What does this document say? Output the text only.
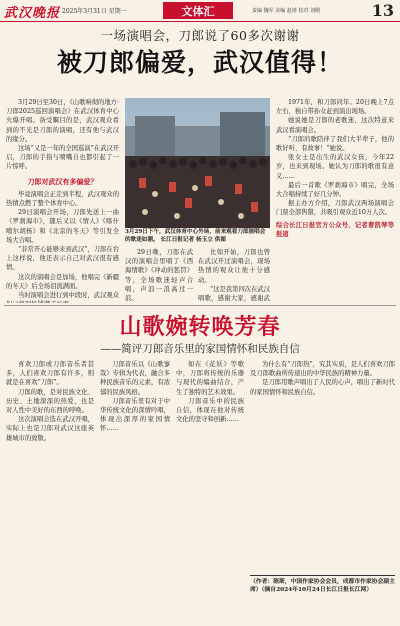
武汉晚报 2025年3月31日 星期一	文体汇	责编 魏军 美编 赵靖 校对 刘刚	13
一场演唱会，刀郎说了60多次谢谢
被刀郎偏爱，武汉值得！

3月29日至30日，《山歌响彻的地方·刀郎2025巡回演唱会》在武汉体育中心火爆开唱。备受瞩目的是，武汉观众看到的不光是刀郎的演唱，还有他与武汉的缘分。

这场“又是一年的全国巡演”在武汉开启，刀郎的手指与喷嘴自也都引起了一片惊呼。

刀郎对武汉有多偏爱？

毕竟演唱会正走到半程，武汉观众的热情点燃了整个体育中心。

29日演唱会开场，刀郎先送上一曲《罗刹海市》，随后又以《情人》《喀什噶尔胡杨》和《北京的冬天》等引发全场大合唱。

“非常开心能够来到武汉”，刀郎在台上这样说，他还表示自己对武汉很有感情。

这次的演唱会是加场，他唱完《新疆的冬天》后全场泪流满面。

当时演唱会进行到中段时，武汉观众

3月29日下午，武汉体育中心外场，前来观看刀郎演唱会的歌迷如潮。 长江日报记者 杨玉立 供图

29日晚，刀郎在武汉的演唱会里唱了《西海情歌》《冲动的惩罚》等，全场歌迷轻声合唱，声浪一浪高过一浪。

比如开始，刀郎也曾在武汉开过演唱会，现场热情的观众让他十分感动。

“这是我第四次在武汉唱歌，感谢大家，感谢武

1971年，和刀郎同年。20日晚上7点左右，独自带孙女赶到演出现场。

她说她是刀郎的老歌迷，这次特意来武汉看演唱会。

“刀郎的歌陪伴了我们大半辈子，他的歌好听、有故事！”她说。

张女士是出生的武汉女孩，今年22岁，也来到现场。她认为刀郎的歌很有意义……

最后一首歌《罗刹海市》唱完，全场大合唱持续了好几分钟。

据主办方介绍，刀郎武汉两场演唱会门票全部售罄，共吸引观众近10万人次。

综合长江日报官方公众号、记者曹凯琴等报道

山歌婉转唤芳春
——简评刀郎音乐里的家国情怀和民族自信

喜欢刀郎或刀郎音乐者甚多，人们喜欢刀郎有许多，则就是在喜欢“刀郎”。

刀郎的歌，是对民族文化、历史、土地深深的热爱，也是对人性中美好的东西的呼唤。

这次演唱会选在武汉开唱，实际上也是刀郎对武汉这座英雄城市的致敬。

刀郎音乐以《山歌寥哉》专辑为代表，融合多种民族音乐的元素，有浓郁的民族风格。

刀郎音乐里有对于中华传统文化的深情吟唱，体现出深厚的家国情怀……

如在《花妖》等歌中，刀郎将传统的乐器与现代的编曲结合，产生了独特的艺术效果。

刀郎音乐中的民族自信，体现在他对传统文化的坚守和创新……

为什么有“刀郎热”，究其实质，是人们喜欢刀郎及刀郎歌曲所传递出的中华民族的精神力量。

是刀郎用歌声唱出了人民的心声，唱出了新时代的家国情怀和民族自信。

（作者：陈斯，中国作家协会会员，成都市作家协会副主席）（摘自2024年10月24日长江日报长江网）
